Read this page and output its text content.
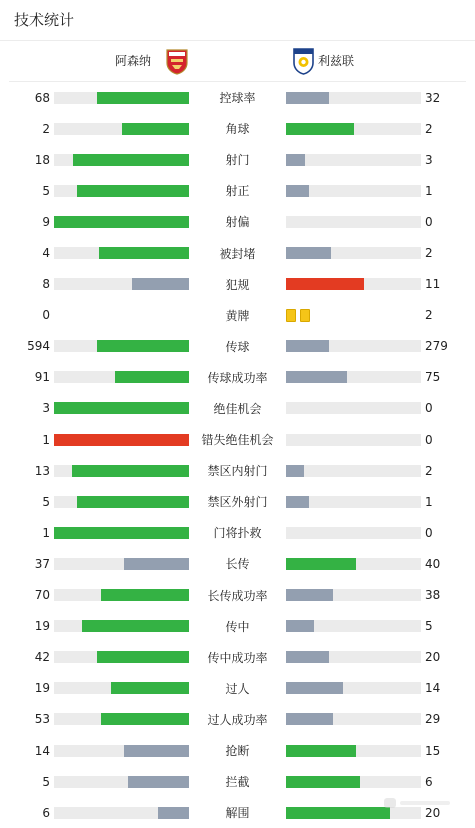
技术统计
阿森纳	利兹联
68	控球率	32
2	角球	2
18	射门	3
5	射正	1
9	射偏	0
4	被封堵	2
8	犯规	11
0	黄牌	2
594	传球	279
91	传球成功率	75
3	绝佳机会	0
1	错失绝佳机会	0
13	禁区内射门	2
5	禁区外射门	1
1	门将扑救	0
37	长传	40
70	长传成功率	38
19	传中	5
42	传中成功率	20
19	过人	14
53	过人成功率	29
14	抢断	15
5	拦截	6
6	解围	20
